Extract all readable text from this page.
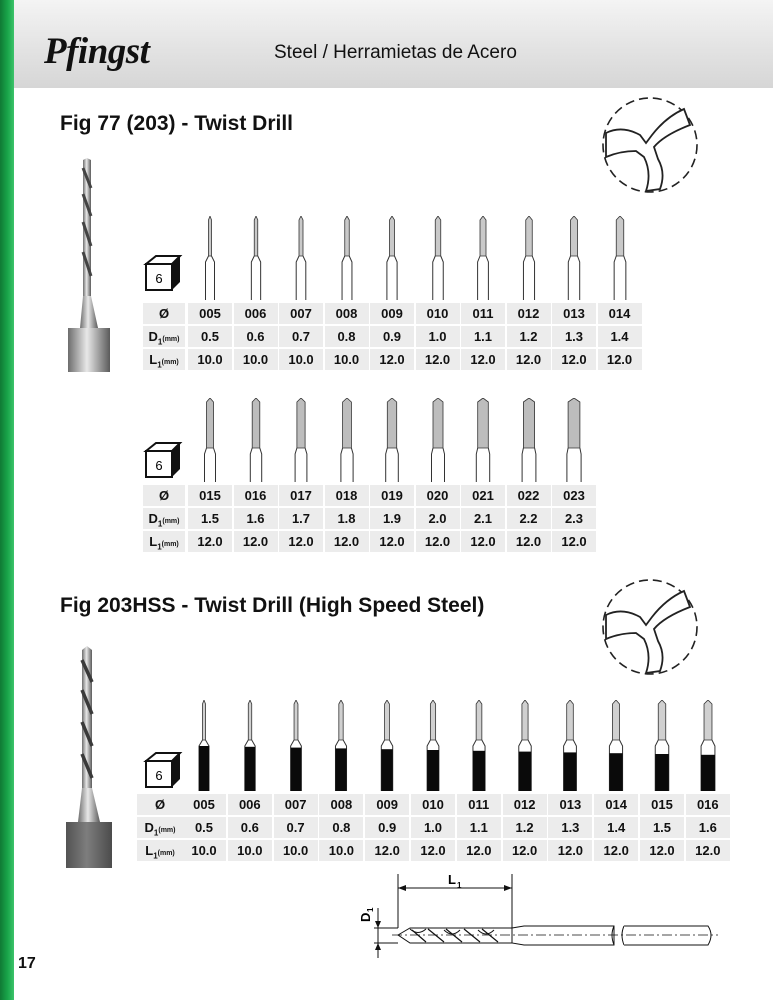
Pfingst	Steel / Herramietas de Acero
Fig 77 (203) - Twist Drill
Fig 203HSS - Twist Drill (High Speed Steel)
6
6
6
Ø	005	006	007	008	009	010	011	012	013	014
$D_1(mm)$	0.5	0.6	0.7	0.8	0.9	1.0	1.1	1.2	1.3	1.4
$L_1(mm)$	10.0	10.0	10.0	10.0	12.0	12.0	12.0	12.0	12.0	12.0
Ø	015	016	017	018	019	020	021	022	023
$D_1(mm)$	1.5	1.6	1.7	1.8	1.9	2.0	2.1	2.2	2.3
$L_1(mm)$	12.0	12.0	12.0	12.0	12.0	12.0	12.0	12.0	12.0
Ø	005	006	007	008	009	010	011	012	013	014	015	016
$D_1(mm)$	0.5	0.6	0.7	0.8	0.9	1.0	1.1	1.2	1.3	1.4	1.5	1.6
$L_1(mm)$	10.0	10.0	10.0	10.0	12.0	12.0	12.0	12.0	12.0	12.0	12.0	12.0
L 1
D
1
17
